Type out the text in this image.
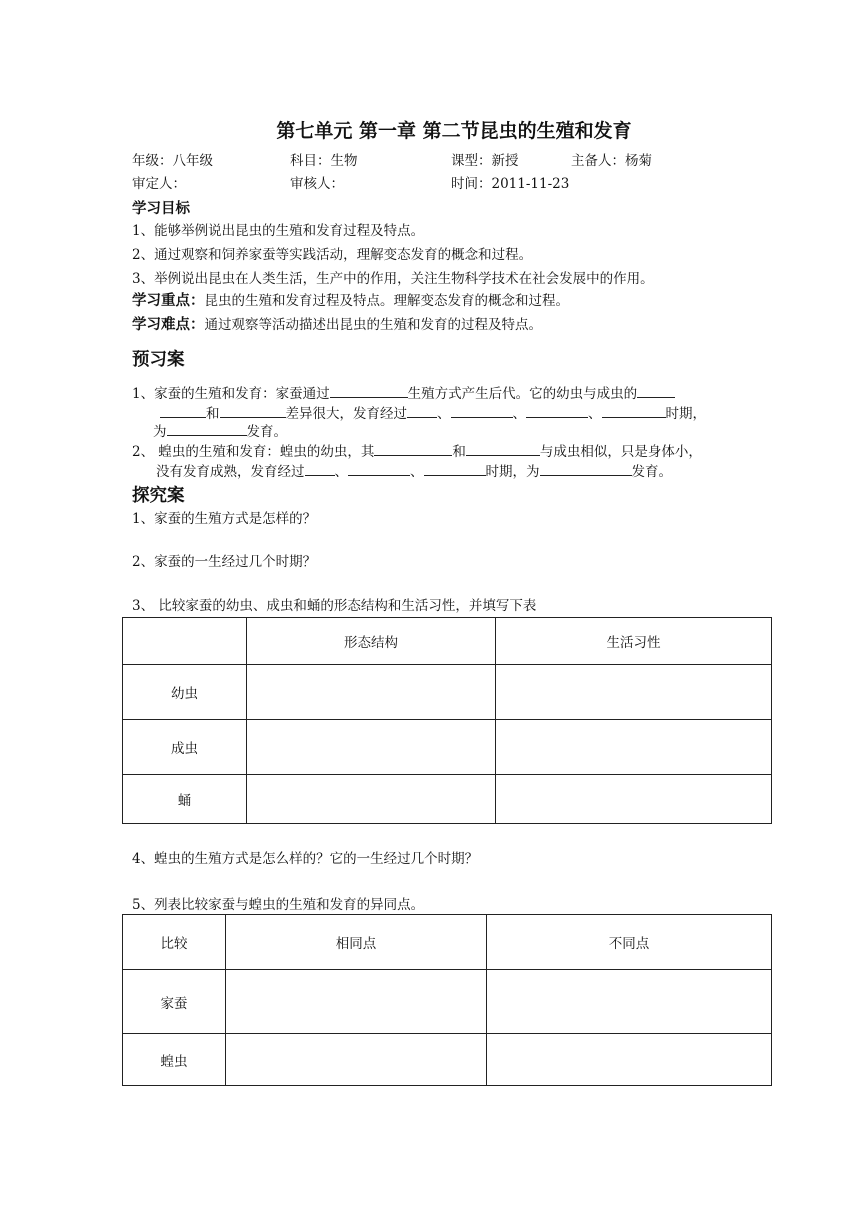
第七单元 第一章 第二节昆虫的生殖和发育
年级：八年级	科目：生物	课型：新授	主备人：杨菊
审定人：	审核人：	时间：2011-11-23
学习目标
1、能够举例说出昆虫的生殖和发育过程及特点。
2、通过观察和饲养家蚕等实践活动，理解变态发育的概念和过程。
3、举例说出昆虫在人类生活，生产中的作用，关注生物科学技术在社会发展中的作用。
学习重点：昆虫的生殖和发育过程及特点。理解变态发育的概念和过程。
学习难点：通过观察等活动描述出昆虫的生殖和发育的过程及特点。
预习案
1、家蚕的生殖和发育：家蚕通过	生殖方式产生后代。它的幼虫与成虫的
和	差异很大，发育经过 、	、	、	时期，
为	发育。
2、 蝗虫的生殖和发育：蝗虫的幼虫，其	和	与成虫相似，只是身体小，
没有发育成熟，发育经过 、	、	时期，为	发育。
探究案
1、家蚕的生殖方式是怎样的？
2、家蚕的一生经过几个时期？
3、 比较家蚕的幼虫、成虫和蛹的形态结构和生活习性，并填写下表
	形态结构	生活习性
幼虫		
成虫		
蛹		
4、蝗虫的生殖方式是怎么样的？它的一生经过几个时期？
5、列表比较家蚕与蝗虫的生殖和发育的异同点。
比较	相同点	不同点
家蚕		
蝗虫		
